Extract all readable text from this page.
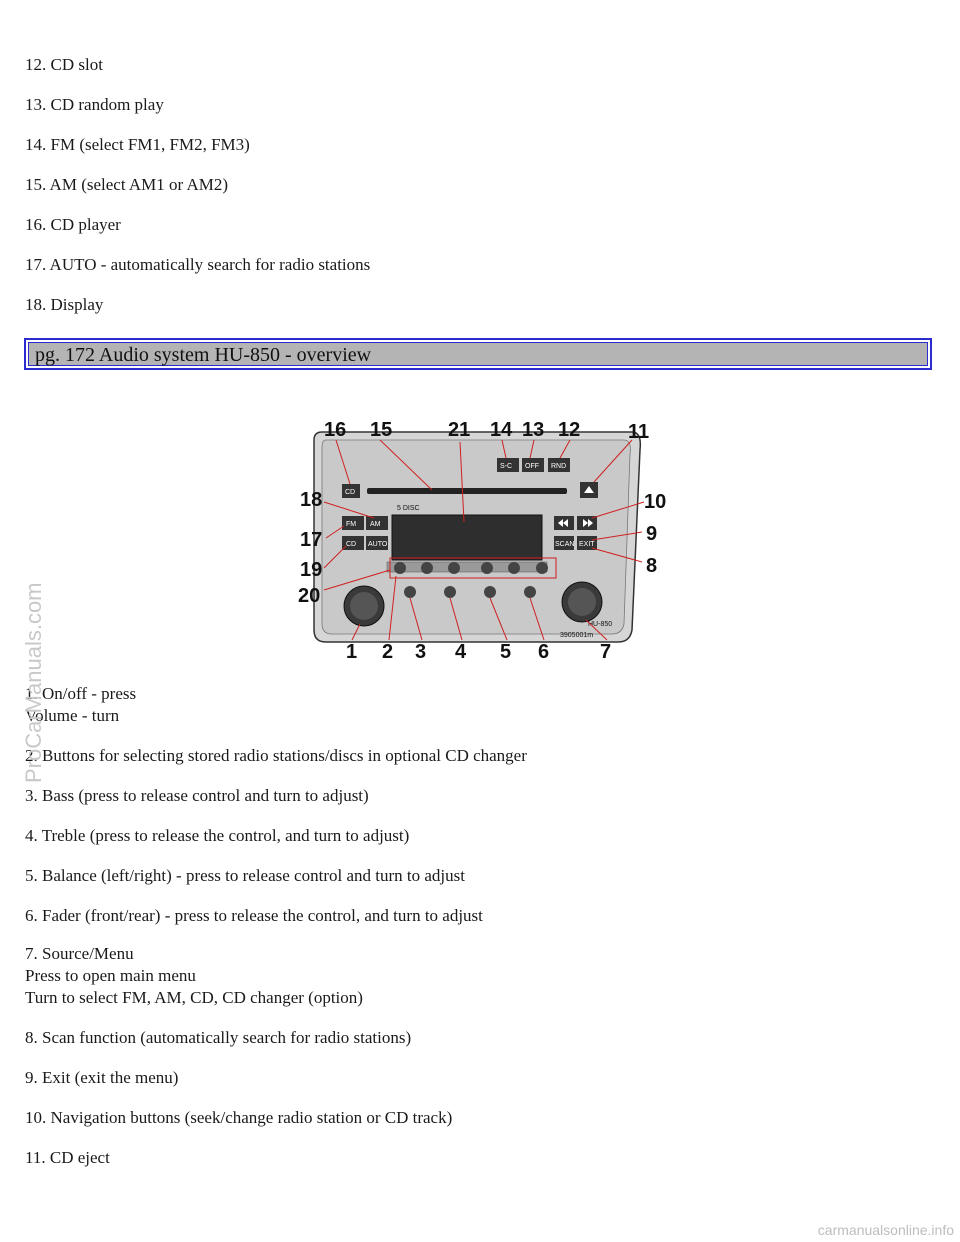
12. CD slot
13. CD random play
14. FM (select FM1, FM2, FM3)
15. AM (select AM1 or AM2)
16. CD player
17. AUTO - automatically search for radio stations
18. Display
pg. 172 Audio system HU-850 - overview
5 DISC
S-C OFF RND
CD
FM AM
CD AUTO	SCAN EXIT
HU-850
3905001m
16 15	21 14 13 12 11
18	10
9
17
8
19
20
1 2 3 4 5 6	7
1. On/off - press
Volume - turn
2. Buttons for selecting stored radio stations/discs in optional CD changer
3. Bass (press to release control and turn to adjust)
4. Treble (press to release the control, and turn to adjust)
5. Balance (left/right) - press to release control and turn to adjust
6. Fader (front/rear) - press to release the control, and turn to adjust
7. Source/Menu
Press to open main menu
Turn to select FM, AM, CD, CD changer (option)
8. Scan function (automatically search for radio stations)
9. Exit (exit the menu)
10. Navigation buttons (seek/change radio station or CD track)
11. CD eject
ProCarManuals.com
carmanualsonline.info
